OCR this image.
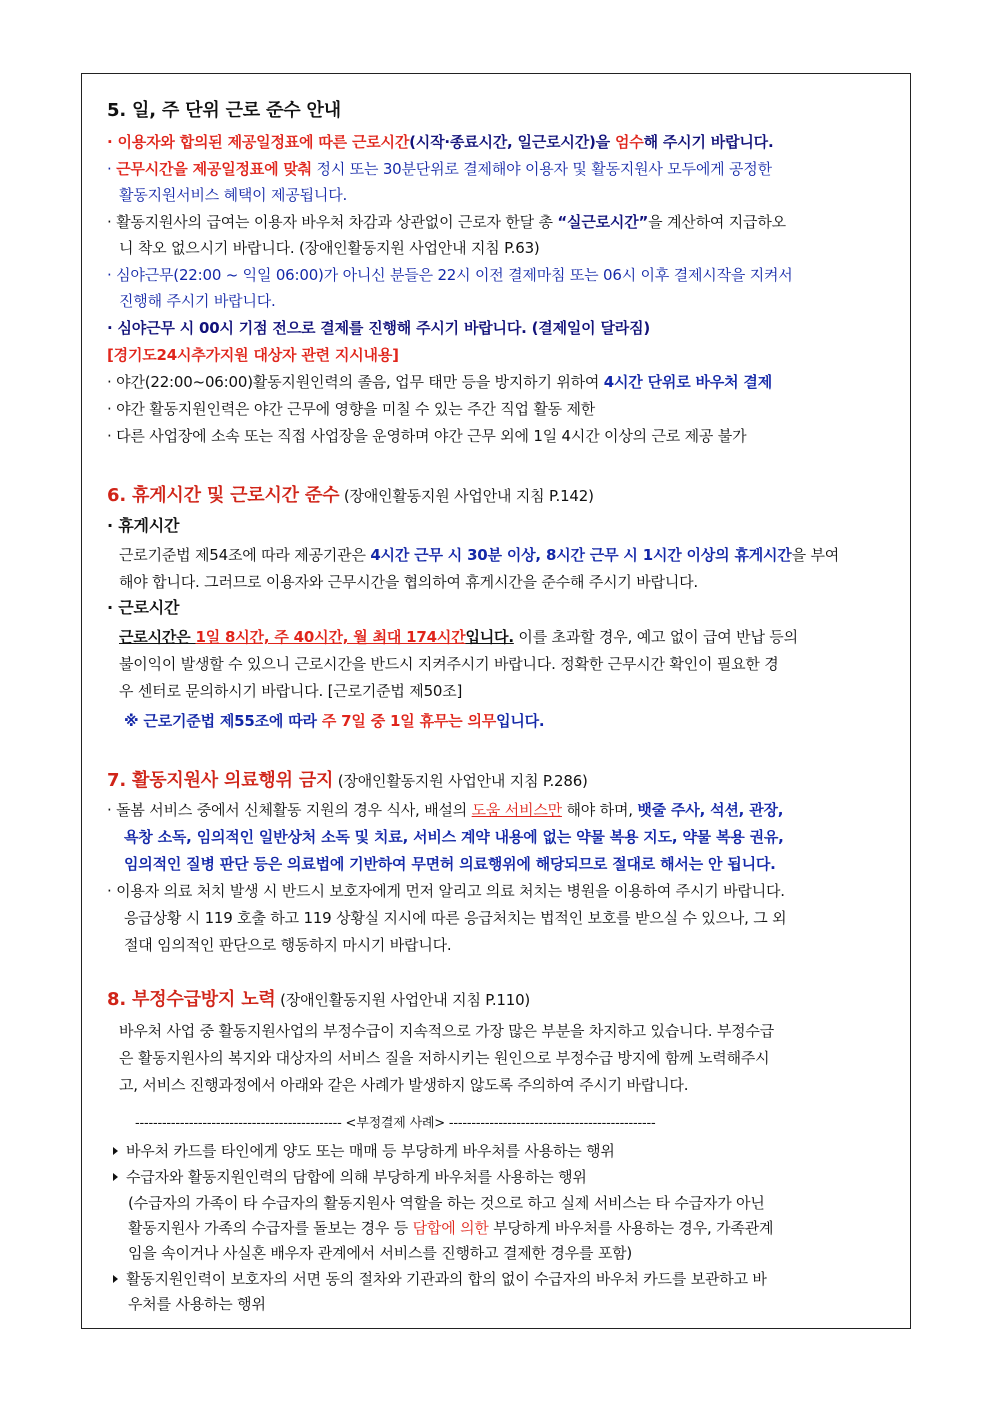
5. 일, 주 단위 근로 준수 안내
· 이용자와 합의된 제공일정표에 따른 근로시간(시작·종료시간, 일근로시간)을 엄수해 주시기 바랍니다.
· 근무시간을 제공일정표에 맞춰 정시 또는 30분단위로 결제해야 이용자 및 활동지원사 모두에게 공정한
활동지원서비스 혜택이 제공됩니다.
· 활동지원사의 급여는 이용자 바우처 차감과 상관없이 근로자 한달 총 “실근로시간”을 계산하여 지급하오
니 착오 없으시기 바랍니다. (장애인활동지원 사업안내 지침 P.63)
· 심야근무(22:00 ~ 익일 06:00)가 아니신 분들은 22시 이전 결제마침 또는 06시 이후 결제시작을 지켜서
진행해 주시기 바랍니다.
· 심야근무 시 00시 기점 전으로 결제를 진행해 주시기 바랍니다. (결제일이 달라짐)
[경기도24시추가지원 대상자 관련 지시내용]
· 야간(22:00~06:00)활동지원인력의 졸음, 업무 태만 등을 방지하기 위하여 4시간 단위로 바우처 결제
· 야간 활동지원인력은 야간 근무에 영향을 미칠 수 있는 주간 직업 활동 제한
· 다른 사업장에 소속 또는 직접 사업장을 운영하며 야간 근무 외에 1일 4시간 이상의 근로 제공 불가
6. 휴게시간 및 근로시간 준수 (장애인활동지원 사업안내 지침 P.142)
· 휴게시간
근로기준법 제54조에 따라 제공기관은 4시간 근무 시 30분 이상, 8시간 근무 시 1시간 이상의 휴게시간을 부여
해야 합니다. 그러므로 이용자와 근무시간을 협의하여 휴게시간을 준수해 주시기 바랍니다.
· 근로시간
근로시간은 1일 8시간, 주 40시간, 월 최대 174시간입니다. 이를 초과할 경우, 예고 없이 급여 반납 등의
불이익이 발생할 수 있으니 근로시간을 반드시 지켜주시기 바랍니다. 정확한 근무시간 확인이 필요한 경
우 센터로 문의하시기 바랍니다. [근로기준법 제50조]
※ 근로기준법 제55조에 따라 주 7일 중 1일 휴무는 의무입니다.
7. 활동지원사 의료행위 금지 (장애인활동지원 사업안내 지침 P.286)
· 돌봄 서비스 중에서 신체활동 지원의 경우 식사, 배설의 도움 서비스만 해야 하며, 뱃줄 주사, 석션, 관장,
욕창 소독, 임의적인 일반상처 소독 및 치료, 서비스 계약 내용에 없는 약물 복용 지도, 약물 복용 권유,
임의적인 질병 판단 등은 의료법에 기반하여 무면허 의료행위에 해당되므로 절대로 해서는 안 됩니다.
· 이용자 의료 처치 발생 시 반드시 보호자에게 먼저 알리고 의료 처치는 병원을 이용하여 주시기 바랍니다.
응급상황 시 119 호출 하고 119 상황실 지시에 따른 응급처치는 법적인 보호를 받으실 수 있으나, 그 외
절대 임의적인 판단으로 행동하지 마시기 바랍니다.
8. 부정수급방지 노력 (장애인활동지원 사업안내 지침 P.110)
바우처 사업 중 활동지원사업의 부정수급이 지속적으로 가장 많은 부분을 차지하고 있습니다. 부정수급
은 활동지원사의 복지와 대상자의 서비스 질을 저하시키는 원인으로 부정수급 방지에 함께 노력해주시
고, 서비스 진행과정에서 아래와 같은 사례가 발생하지 않도록 주의하여 주시기 바랍니다.
---------------------------------------------- <부정결제 사례> ----------------------------------------------
바우처 카드를 타인에게 양도 또는 매매 등 부당하게 바우처를 사용하는 행위
수급자와 활동지원인력의 담합에 의해 부당하게 바우처를 사용하는 행위
(수급자의 가족이 타 수급자의 활동지원사 역할을 하는 것으로 하고 실제 서비스는 타 수급자가 아닌
활동지원사 가족의 수급자를 돌보는 경우 등 담합에 의한 부당하게 바우처를 사용하는 경우, 가족관계
임을 속이거나 사실혼 배우자 관계에서 서비스를 진행하고 결제한 경우를 포함)
활동지원인력이 보호자의 서면 동의 절차와 기관과의 합의 없이 수급자의 바우처 카드를 보관하고 바
우처를 사용하는 행위
